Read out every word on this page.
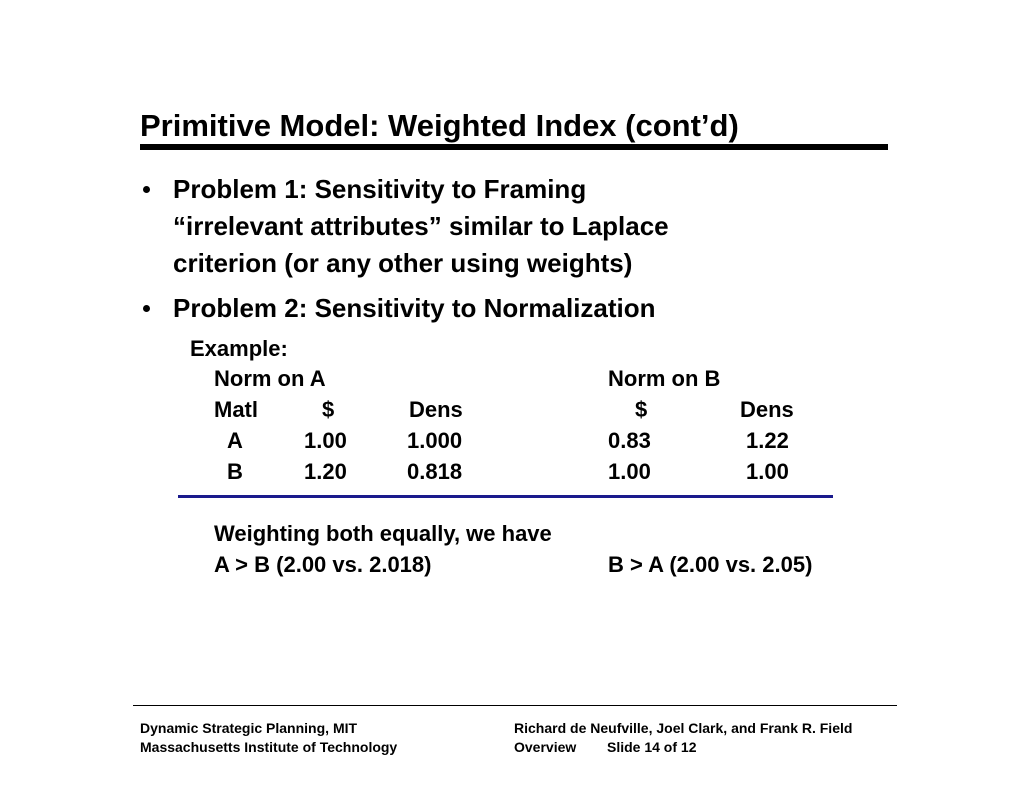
Primitive Model: Weighted Index (cont’d)
Problem 1: Sensitivity to Framing
“irrelevant attributes” similar to Laplace
criterion (or any other using weights)
Problem 2: Sensitivity to Normalization
Example:
Norm on A	Norm on B
Matl	$	Dens	$	Dens
A	1.00	1.000	0.83	1.22
B	1.20	0.818	1.00	1.00
Weighting both equally, we have
A > B (2.00 vs. 2.018)	B > A (2.00 vs. 2.05)
Dynamic Strategic Planning, MIT
Massachusetts Institute of Technology
Richard de Neufville, Joel Clark, and Frank R. Field
Overview Slide 14 of 12
